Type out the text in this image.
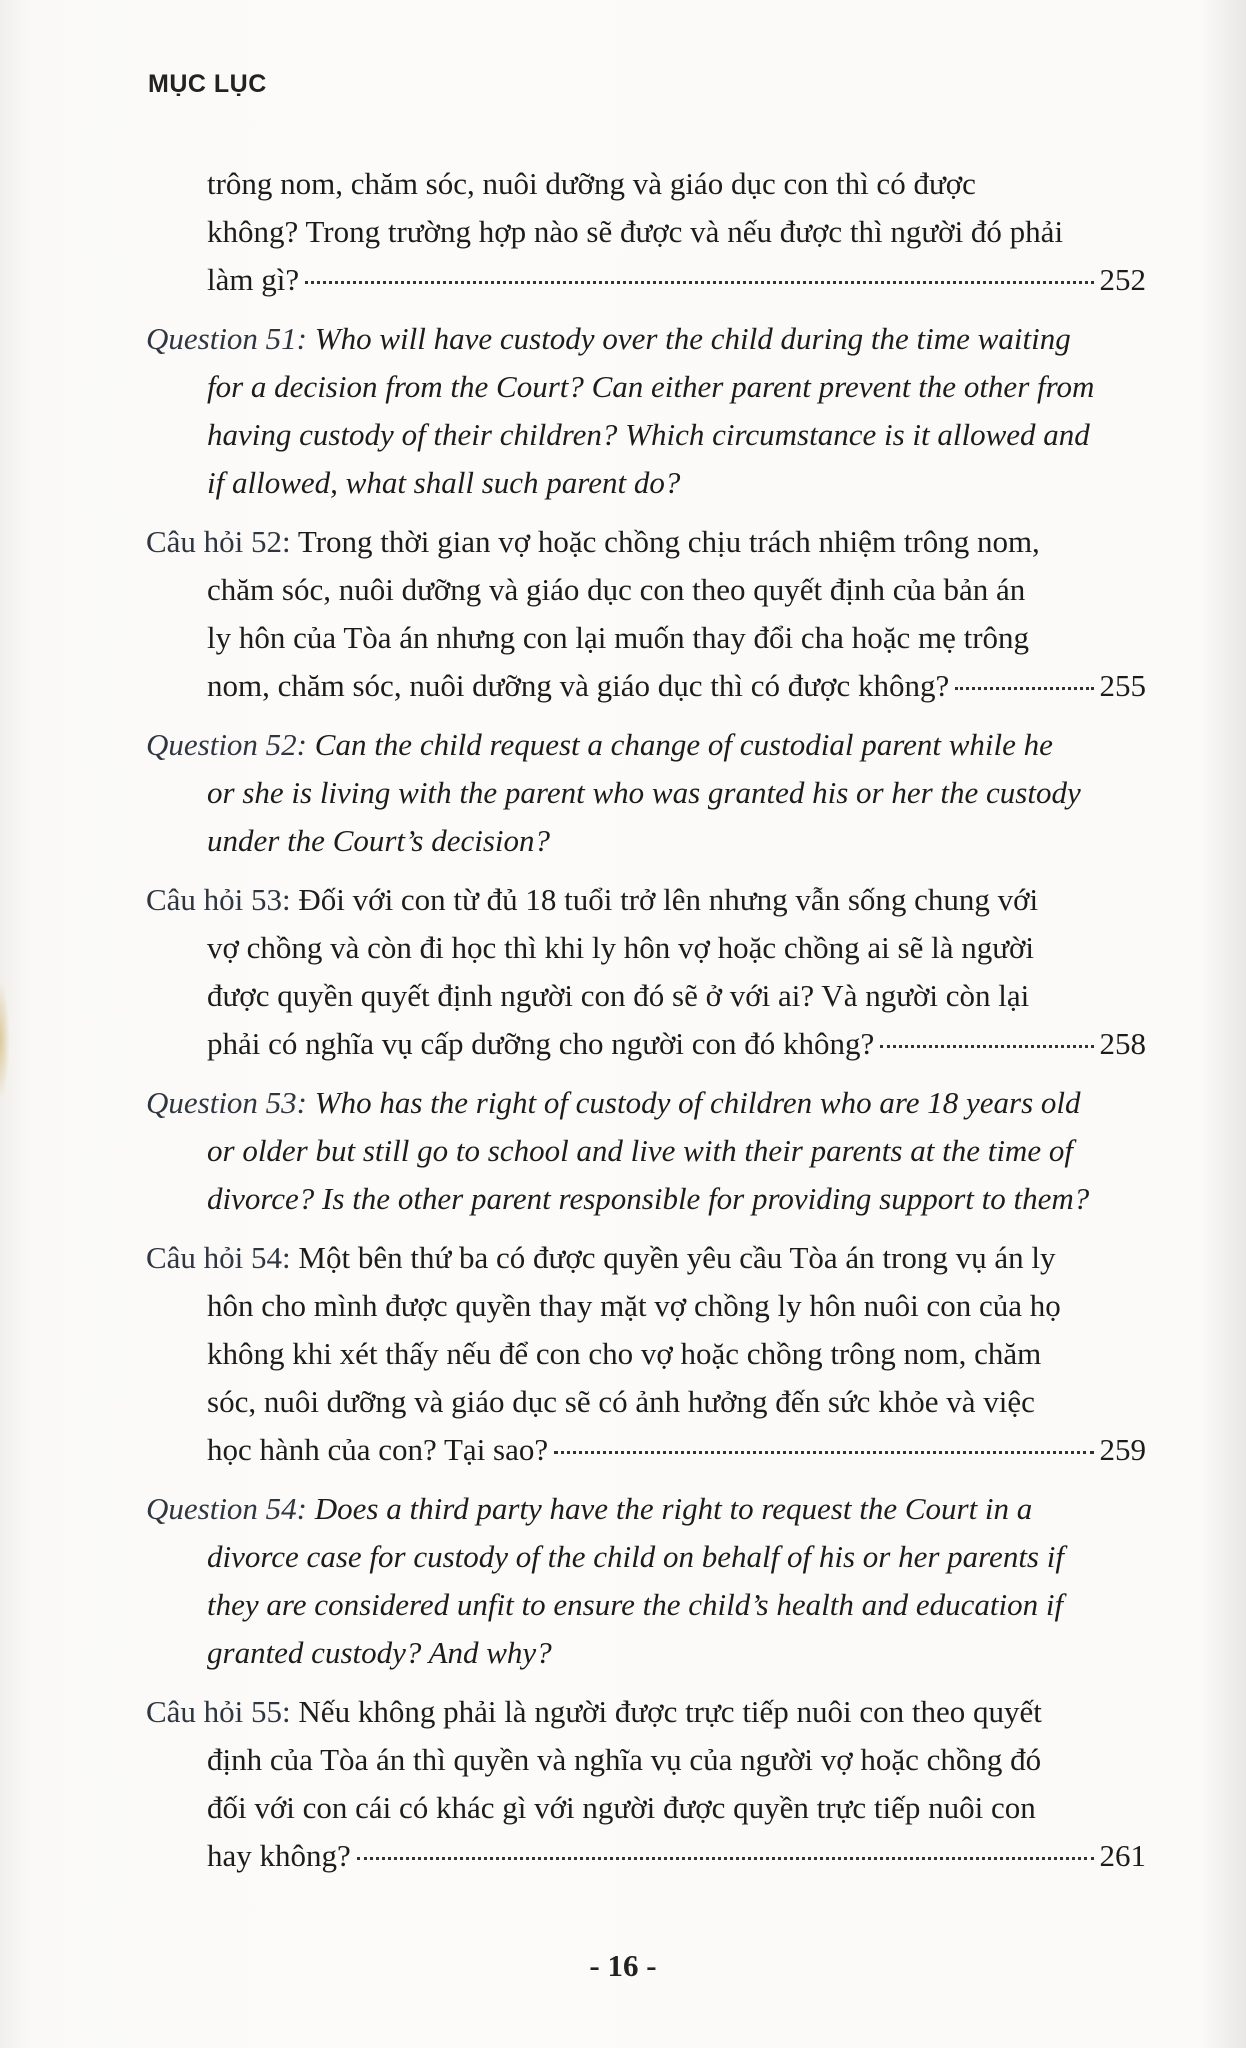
MỤC LỤC
trông nom, chăm sóc, nuôi dưỡng và giáo dục con thì có được
không? Trong trường hợp nào sẽ được và nếu được thì người đó phải
làm gì?	252
Question 51: Who will have custody over the child during the time waiting
for a decision from the Court? Can either parent prevent the other from
having custody of their children? Which circumstance is it allowed and
if allowed, what shall such parent do?
Câu hỏi 52: Trong thời gian vợ hoặc chồng chịu trách nhiệm trông nom,
chăm sóc, nuôi dưỡng và giáo dục con theo quyết định của bản án
ly hôn của Tòa án nhưng con lại muốn thay đổi cha hoặc mẹ trông
nom, chăm sóc, nuôi dưỡng và giáo dục thì có được không?	255
Question 52: Can the child request a change of custodial parent while he
or she is living with the parent who was granted his or her the custody
under the Court’s decision?
Câu hỏi 53: Đối với con từ đủ 18 tuổi trở lên nhưng vẫn sống chung với
vợ chồng và còn đi học thì khi ly hôn vợ hoặc chồng ai sẽ là người
được quyền quyết định người con đó sẽ ở với ai? Và người còn lại
phải có nghĩa vụ cấp dưỡng cho người con đó không?	258
Question 53: Who has the right of custody of children who are 18 years old
or older but still go to school and live with their parents at the time of
divorce? Is the other parent responsible for providing support to them?
Câu hỏi 54: Một bên thứ ba có được quyền yêu cầu Tòa án trong vụ án ly
hôn cho mình được quyền thay mặt vợ chồng ly hôn nuôi con của họ
không khi xét thấy nếu để con cho vợ hoặc chồng trông nom, chăm
sóc, nuôi dưỡng và giáo dục sẽ có ảnh hưởng đến sức khỏe và việc
học hành của con? Tại sao?	259
Question 54: Does a third party have the right to request the Court in a
divorce case for custody of the child on behalf of his or her parents if
they are considered unfit to ensure the child’s health and education if
granted custody? And why?
Câu hỏi 55: Nếu không phải là người được trực tiếp nuôi con theo quyết
định của Tòa án thì quyền và nghĩa vụ của người vợ hoặc chồng đó
đối với con cái có khác gì với người được quyền trực tiếp nuôi con
hay không?	261
- 16 -
